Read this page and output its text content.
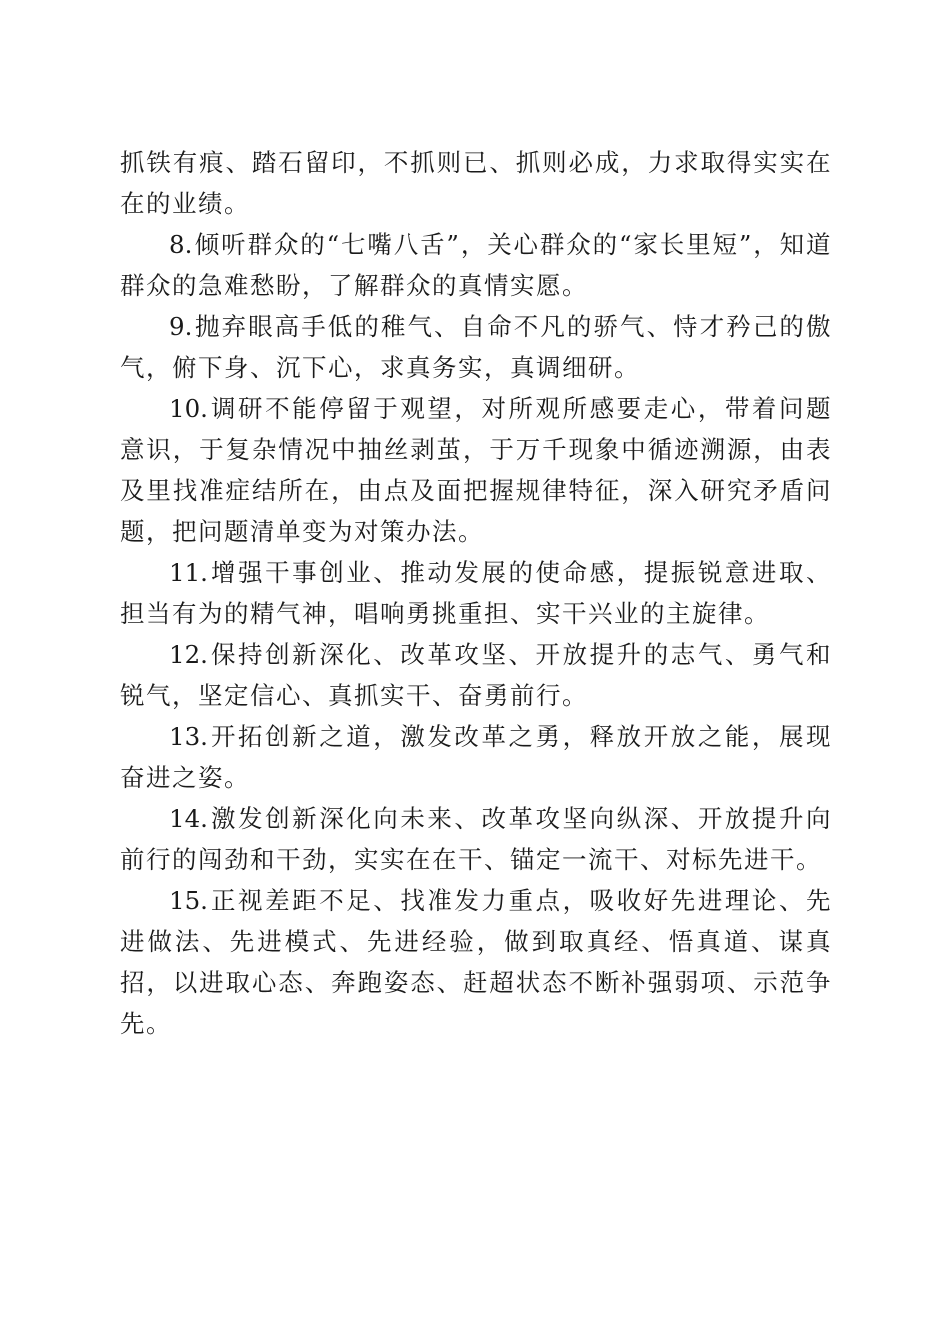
抓铁有痕、踏石留印，不抓则已、抓则必成，力求取得实实在在的业绩。

8.倾听群众的“七嘴八舌”，关心群众的“家长里短”，知道群众的急难愁盼，了解群众的真情实愿。

9.抛弃眼高手低的稚气、自命不凡的骄气、恃才矜己的傲气，俯下身、沉下心，求真务实，真调细研。

10.调研不能停留于观望，对所观所感要走心，带着问题意识，于复杂情况中抽丝剥茧，于万千现象中循迹溯源，由表及里找准症结所在，由点及面把握规律特征，深入研究矛盾问题，把问题清单变为对策办法。

11.增强干事创业、推动发展的使命感，提振锐意进取、担当有为的精气神，唱响勇挑重担、实干兴业的主旋律。

12.保持创新深化、改革攻坚、开放提升的志气、勇气和锐气，坚定信心、真抓实干、奋勇前行。

13.开拓创新之道，激发改革之勇，释放开放之能，展现奋进之姿。

14.激发创新深化向未来、改革攻坚向纵深、开放提升向前行的闯劲和干劲，实实在在干、锚定一流干、对标先进干。

15.正视差距不足、找准发力重点，吸收好先进理论、先进做法、先进模式、先进经验，做到取真经、悟真道、谋真招，以进取心态、奔跑姿态、赶超状态不断补强弱项、示范争先。
